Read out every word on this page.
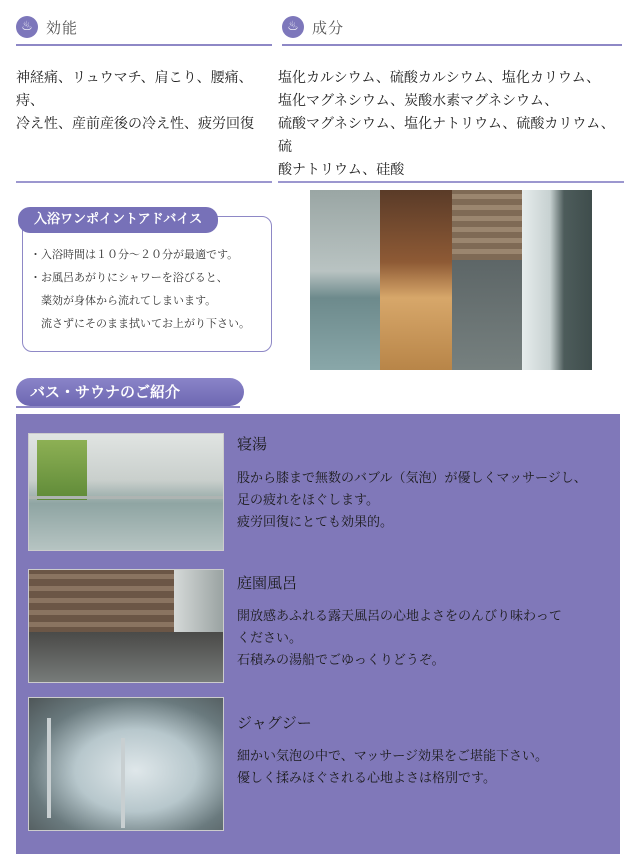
♨ 効能	♨ 成分
神経痛、リュウマチ、肩こり、腰痛、痔、
冷え性、産前産後の冷え性、疲労回復
塩化カルシウム、硫酸カルシウム、塩化カリウム、
塩化マグネシウム、炭酸水素マグネシウム、
硫酸マグネシウム、塩化ナトリウム、硫酸カリウム、硫
酸ナトリウム、硅酸
入浴ワンポイントアドバイス
・入浴時間は１０分～２０分が最適です。
・お風呂あがりにシャワーを浴びると、
　薬効が身体から流れてしまいます。
　流さずにそのまま拭いてお上がり下さい。
バス・サウナのご紹介
寝湯
股から膝まで無数のバブル（気泡）が優しくマッサージし、
足の疲れをほぐします。
疲労回復にとても効果的。
庭園風呂
開放感あふれる露天風呂の心地よさをのんびり味わって
ください。
石積みの湯船でごゆっくりどうぞ。
ジャグジー
細かい気泡の中で、マッサージ効果をご堪能下さい。
優しく揉みほぐされる心地よさは格別です。
